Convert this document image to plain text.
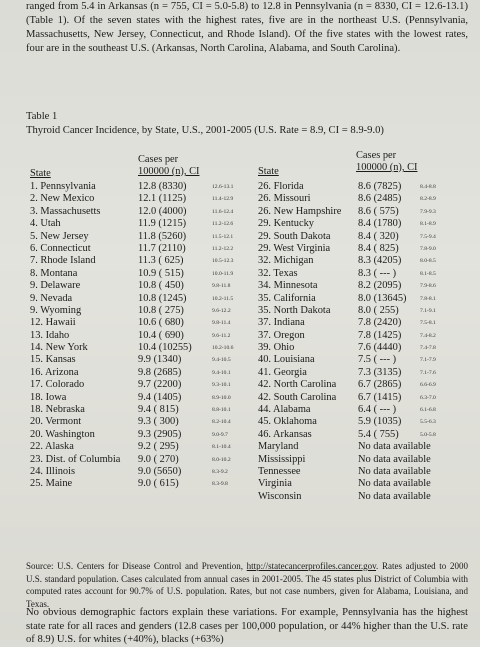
ranged from 5.4 in Arkansas (n = 755, CI = 5.0-5.8) to 12.8 in Pennsylvania (n = 8330, CI = 12.6-13.1) (Table 1). Of the seven states with the highest rates, five are in the northeast U.S. (Pennsylvania, Massachusetts, New Jersey, Connecticut, and Rhode Island). Of the five states with the lowest rates, four are in the southeast U.S. (Arkansas, North Carolina, Alabama, and South Carolina).
Table 1
Thyroid Cancer Incidence, by State, U.S., 2001-2005 (U.S. Rate = 8.9, CI = 8.9-9.0)
Cases per
100000 (n), CI
State
Cases per
100000 (n), CI
State
1. Pennsylvania	12.8 (8330)	12.6-13.1
2. New Mexico	12.1 (1125)	11.4-12.9
3. Massachusetts	12.0 (4000)	11.6-12.4
4. Utah	11.9 (1215)	11.2-12.6
5. New Jersey	11.8 (5260)	11.5-12.1
6. Connecticut	11.7 (2110)	11.2-12.2
7. Rhode Island	11.3 ( 625)	10.5-12.3
8. Montana	10.9 ( 515)	10.0-11.9
9. Delaware	10.8 ( 450)	9.8-11.8
9. Nevada	10.8 (1245)	10.2-11.5
9. Wyoming	10.8 ( 275)	9.6-12.2
12. Hawaii	10.6 ( 680)	9.8-11.4
13. Idaho	10.4 ( 690)	9.6-11.2
14. New York	10.4 (10255)	10.2-10.6
15. Kansas	9.9 (1340)	9.4-10.5
16. Arizona	9.8 (2685)	9.4-10.1
17. Colorado	9.7 (2200)	9.3-10.1
18. Iowa	9.4 (1405)	8.9-10.0
18. Nebraska	9.4 ( 815)	8.8-10.1
20. Vermont	9.3 ( 300)	8.2-10.4
20. Washington	9.3 (2905)	9.0-9.7
22. Alaska	9.2 ( 295)	8.1-10.4
23. Dist. of Columbia	9.0 ( 270)	8.0-10.2
24. Illinois	9.0 (5650)	8.3-9.2
25. Maine	9.0 ( 615)	8.3-9.8
26. Florida	8.6 (7825)	8.4-8.8
26. Missouri	8.6 (2485)	8.2-8.9
26. New Hampshire	8.6 ( 575)	7.9-9.3
29. Kentucky	8.4 (1780)	8.1-8.9
29. South Dakota	8.4 ( 320)	7.5-9.4
29. West Virginia	8.4 ( 825)	7.8-9.0
32. Michigan	8.3 (4205)	8.0-8.5
32. Texas	8.3 ( --- )	8.1-8.5
34. Minnesota	8.2 (2095)	7.9-8.6
35. California	8.0 (13645)	7.8-8.1
35. North Dakota	8.0 ( 255)	7.1-9.1
37. Indiana	7.8 (2420)	7.5-8.1
37. Oregon	7.8 (1425)	7.4-8.2
39. Ohio	7.6 (4440)	7.4-7.8
40. Louisiana	7.5 ( --- )	7.1-7.9
41. Georgia	7.3 (3135)	7.1-7.6
42. North Carolina	6.7 (2865)	6.6-6.9
42. South Carolina	6.7 (1415)	6.3-7.0
44. Alabama	6.4 ( --- )	6.1-6.8
45. Oklahoma	5.9 (1035)	5.5-6.3
46. Arkansas	5.4 ( 755)	5.0-5.8
Maryland	No data available
Mississippi	No data available
Tennessee	No data available
Virginia	No data available
Wisconsin	No data available
Source: U.S. Centers for Disease Control and Prevention, http://statecancerprofiles.cancer.gov. Rates adjusted to 2000 U.S. standard population. Cases calculated from annual cases in 2001-2005. The 45 states plus District of Columbia with computed rates account for 90.7% of U.S. population. Rates, but not case numbers, given for Alabama, Louisiana, and Texas.
No obvious demographic factors explain these variations. For example, Pennsylvania has the highest state rate for all races and genders (12.8 cases per 100,000 population, or 44% higher than the U.S. rate of 8.9) U.S. for whites (+40%), blacks (+63%)
